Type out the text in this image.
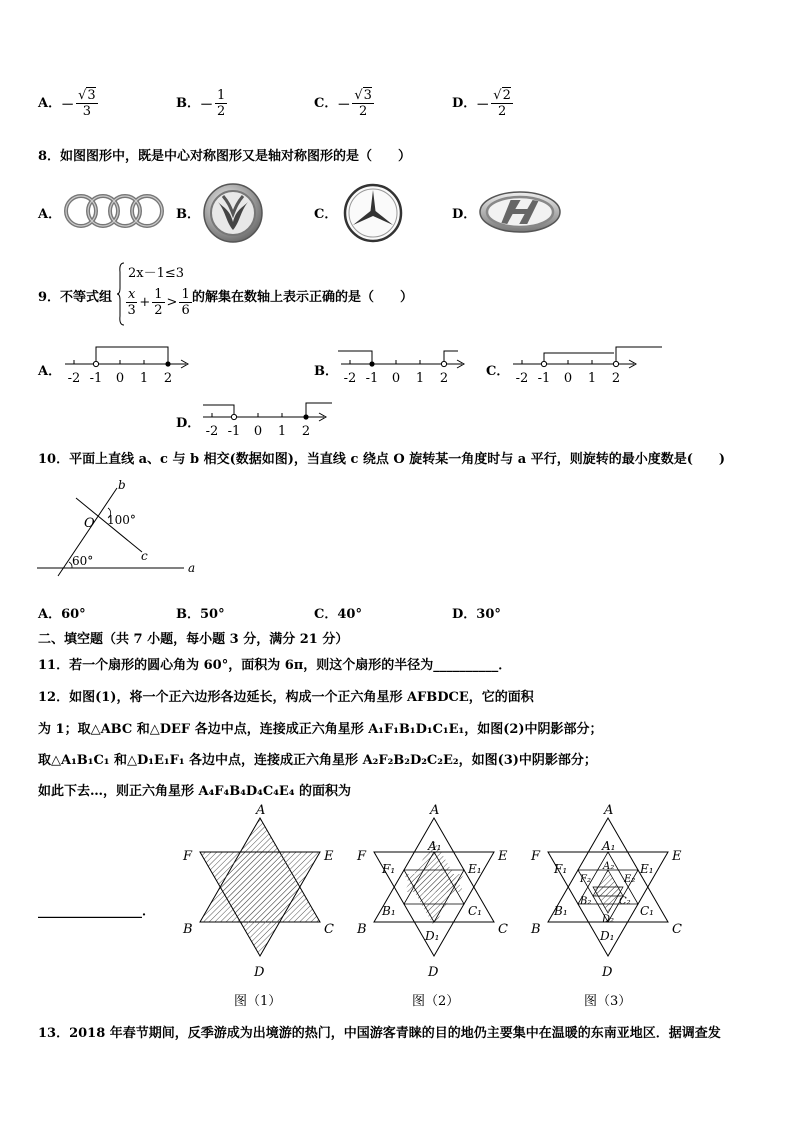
A．－ $\frac{√3}{3}$	B．－ $\frac{1}{2}$	C．－ $\frac{√3}{2}$	D．－ $\frac{√2}{2}$
8．如图图形中，既是中心对称图形又是轴对称图形的是（　　）
A．	B．	C．	D．
9．不等式组
2x－1≤3
$\frac{x}{3} + \frac{1}{2} > \frac{1}{6}$ 的解集在数轴上表示正确的是（　　）
A． -2 -1 0 1 2	B． -2 -1 0 1 2	C． -2 -1 0 1 2
D．
-2 -1 0 1 2
10．平面上直线 a、c 与 b 相交(数据如图)，当直线 c 绕点 O 旋转某一角度时与 a 平行，则旋转的最小度数是(　　)
b
O 100°
c
60°	a
A．60°	B．50°	C．40°	D．30°
二、填空题（共 7 小题，每小题 3 分，满分 21 分）
11．若一个扇形的圆心角为 60°，面积为 6π，则这个扇形的半径为__________．
12．如图(1)，将一个正六边形各边延长，构成一个正六角星形 AFBDCE，它的面积
为 1；取△ABC 和△DEF 各边中点，连接成正六角星形 A₁F₁B₁D₁C₁E₁，如图(2)中阴影部分；
取△A₁B₁C₁ 和△D₁E₁F₁ 各边中点，连接成正六角星形 A₂F₂B₂D₂C₂E₂，如图(3)中阴影部分；
如此下去…，则正六角星形 A₄F₄B₄D₄C₄E₄ 的面积为
________________．
A
F	E
B	C
D
A
F	E
B	C
D
A₁
F₁	E₁
B₁	C₁
D₁
A
F	E
B	C
D
A₁
F₁	E₁
B₁	C₁
D₁
A₂
F₂	E₂
B₂	C₂
D₂
图（1）	图（2）	图（3）
13．2018 年春节期间，反季游成为出境游的热门，中国游客青睐的目的地仍主要集中在温暖的东南亚地区．据调查发
